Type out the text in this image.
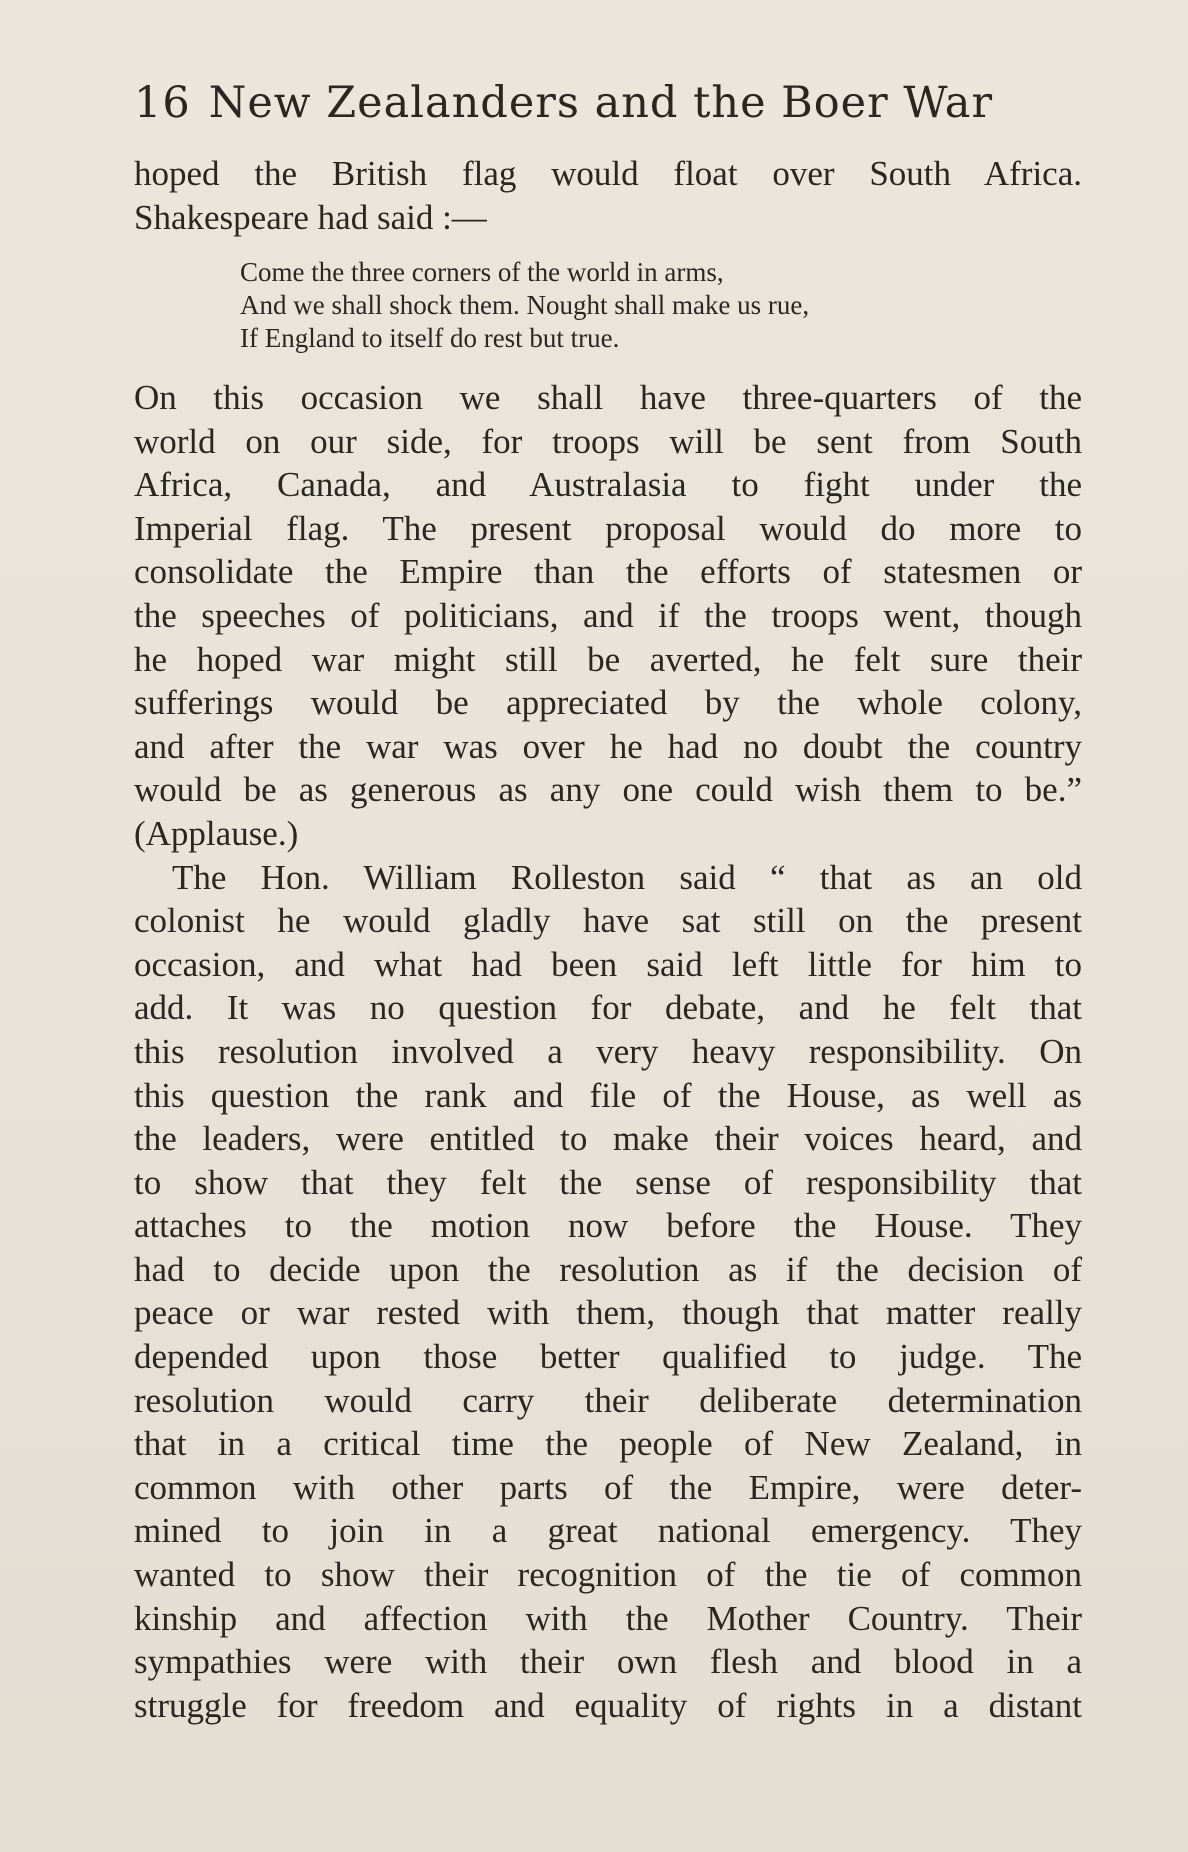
16 New Zealanders and the Boer War
hoped the British flag would float over South Africa.
Shakespeare had said :—
Come the three corners of the world in arms,
And we shall shock them. Nought shall make us rue,
If England to itself do rest but true.
On this occasion we shall have three-quarters of the
world on our side, for troops will be sent from South
Africa, Canada, and Australasia to fight under the
Imperial flag. The present proposal would do more to
consolidate the Empire than the efforts of statesmen or
the speeches of politicians, and if the troops went, though
he hoped war might still be averted, he felt sure their
sufferings would be appreciated by the whole colony,
and after the war was over he had no doubt the country
would be as generous as any one could wish them to be.”
(Applause.)
The Hon. William Rolleston said “ that as an old
colonist he would gladly have sat still on the present
occasion, and what had been said left little for him to
add. It was no question for debate, and he felt that
this resolution involved a very heavy responsibility. On
this question the rank and file of the House, as well as
the leaders, were entitled to make their voices heard, and
to show that they felt the sense of responsibility that
attaches to the motion now before the House. They
had to decide upon the resolution as if the decision of
peace or war rested with them, though that matter really
depended upon those better qualified to judge. The
resolution would carry their deliberate determination
that in a critical time the people of New Zealand, in
common with other parts of the Empire, were deter-
mined to join in a great national emergency. They
wanted to show their recognition of the tie of common
kinship and affection with the Mother Country. Their
sympathies were with their own flesh and blood in a
struggle for freedom and equality of rights in a distant
